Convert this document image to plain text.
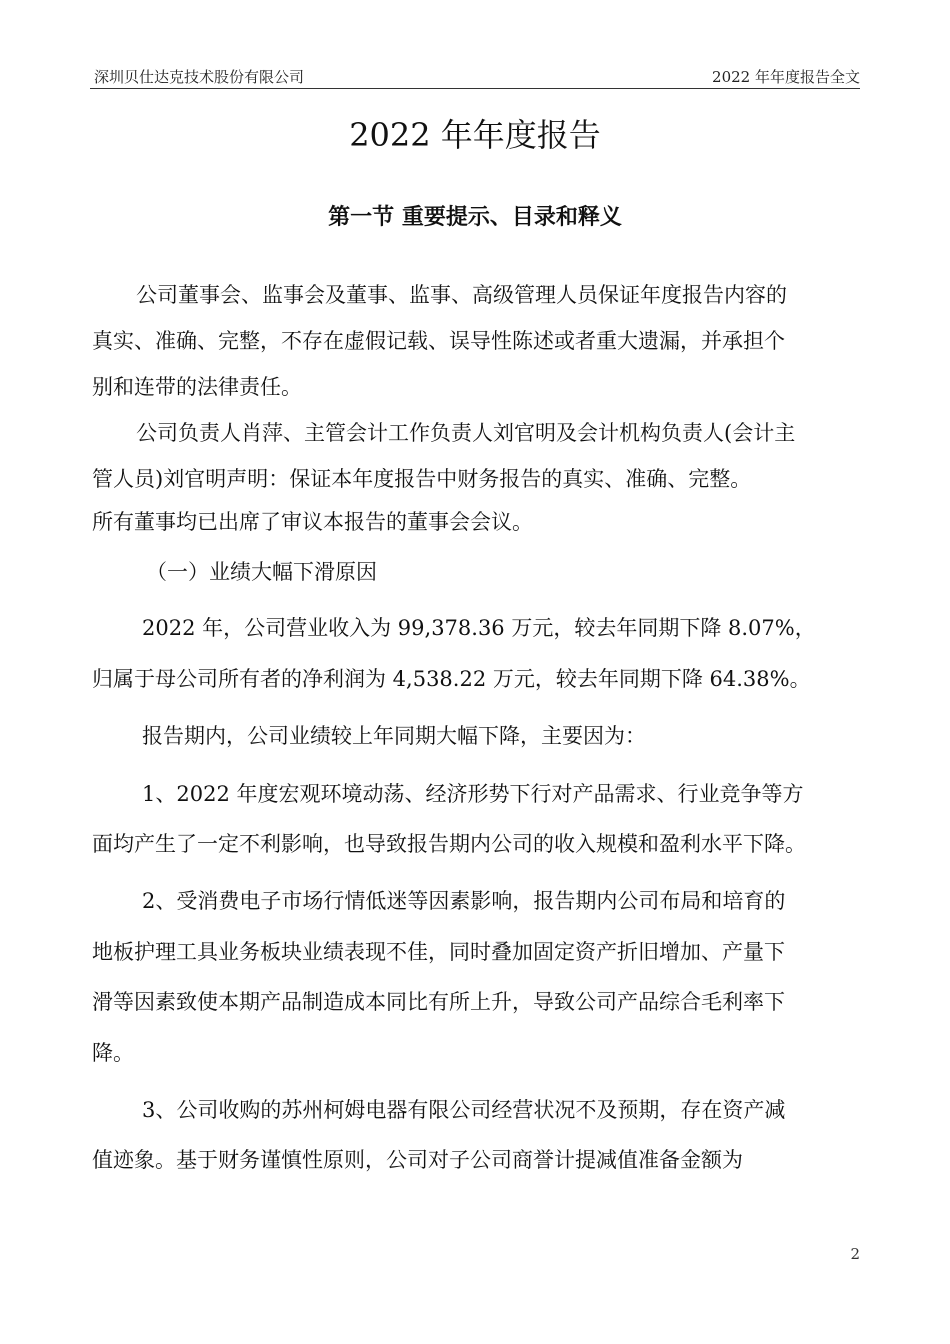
深圳贝仕达克技术股份有限公司	2022 年年度报告全文
2022 年年度报告
第一节 重要提示、目录和释义
公司董事会、监事会及董事、监事、高级管理人员保证年度报告内容的
真实、准确、完整，不存在虚假记载、误导性陈述或者重大遗漏，并承担个
别和连带的法律责任。
公司负责人肖萍、主管会计工作负责人刘官明及会计机构负责人(会计主
管人员)刘官明声明：保证本年度报告中财务报告的真实、准确、完整。
所有董事均已出席了审议本报告的董事会会议。
（一）业绩大幅下滑原因
2022 年，公司营业收入为 99,378.36 万元，较去年同期下降 8.07%，
归属于母公司所有者的净利润为 4,538.22 万元，较去年同期下降 64.38%。
报告期内，公司业绩较上年同期大幅下降，主要因为：
1、2022 年度宏观环境动荡、经济形势下行对产品需求、行业竞争等方
面均产生了一定不利影响，也导致报告期内公司的收入规模和盈利水平下降。
2、受消费电子市场行情低迷等因素影响，报告期内公司布局和培育的
地板护理工具业务板块业绩表现不佳，同时叠加固定资产折旧增加、产量下
滑等因素致使本期产品制造成本同比有所上升，导致公司产品综合毛利率下
降。
3、公司收购的苏州柯姆电器有限公司经营状况不及预期，存在资产减
值迹象。基于财务谨慎性原则，公司对子公司商誉计提减值准备金额为
2
